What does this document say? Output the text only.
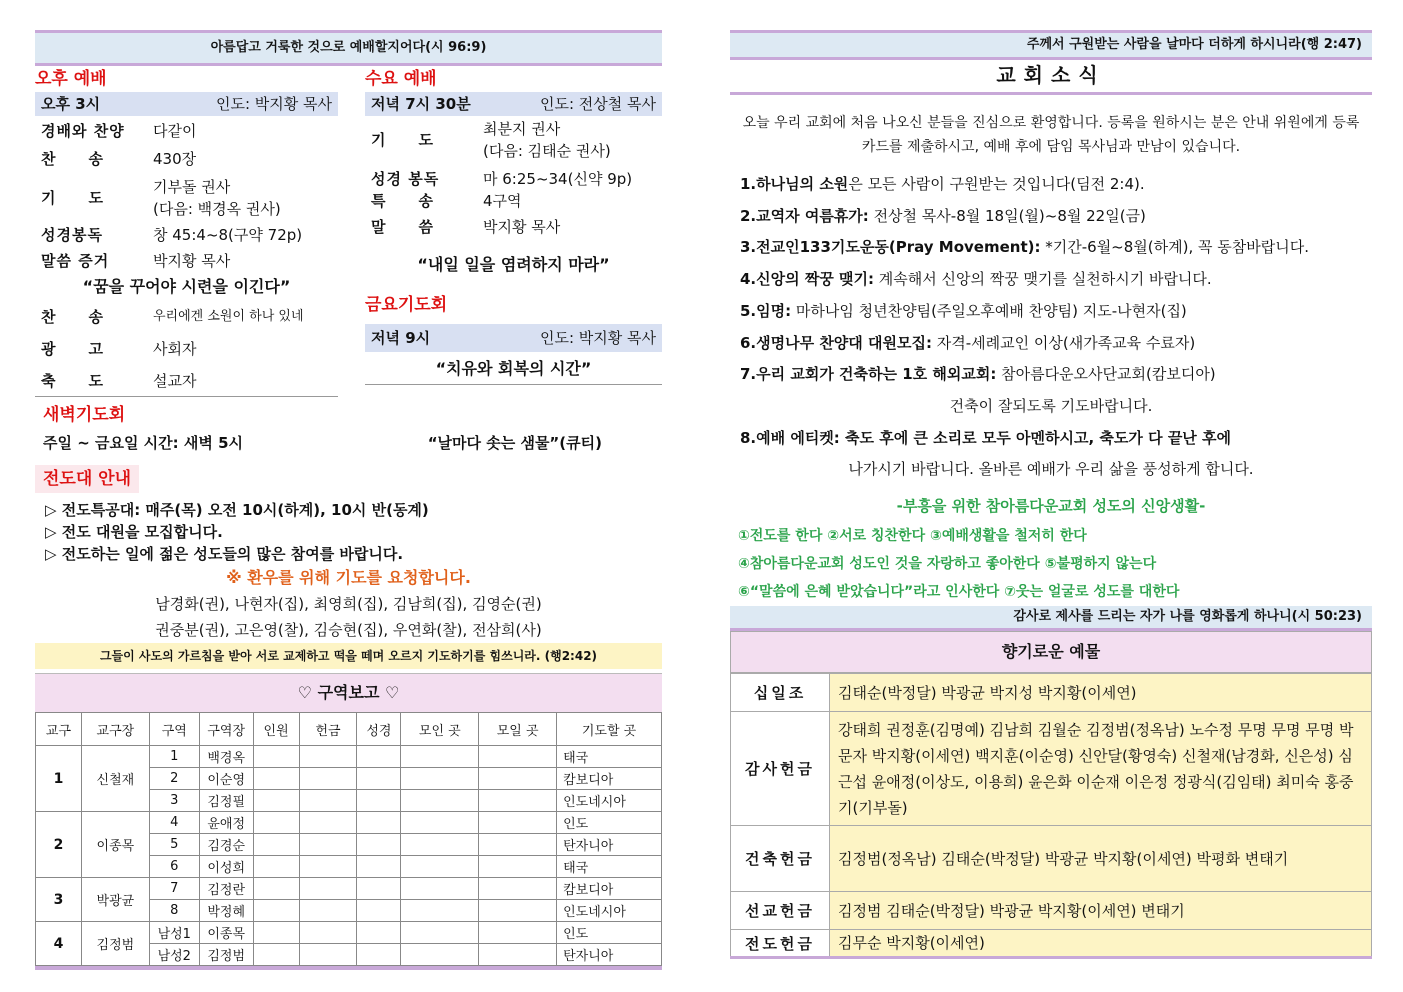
아름답고 거룩한 것으로 예배할지어다(시 96:9)
오후 예배
오후 3시	인도: 박지황 목사
경배와 찬양	다같이
찬　　송	430장
기　　도
기부돌 권사
(다음: 백경옥 권사)
성경봉독	창 45:4~8(구약 72p)
말씀 증거	박지황 목사
“꿈을 꾸어야 시련을 이긴다”
찬　　송	우리에겐 소원이 하나 있네
광　　고	사회자
축　　도	설교자
수요 예배
저녁 7시 30분	인도: 전상철 목사
기　　도
최분지 권사
(다음: 김태순 권사)
성경 봉독	마 6:25~34(신약 9p)
특　　송	4구역
말　　씀	박지황 목사
“내일 일을 염려하지 마라”
금요기도회
저녁 9시	인도: 박지황 목사
“치유와 회복의 시간”
새벽기도회
주일 ~ 금요일 시간: 새벽 5시	“날마다 솟는 샘물”(큐티)
전도대 안내
▷ 전도특공대: 매주(목) 오전 10시(하계), 10시 반(동계)
▷ 전도 대원을 모집합니다.
▷ 전도하는 일에 젊은 성도들의 많은 참여를 바랍니다.
※ 환우를 위해 기도를 요청합니다.
남경화(권), 나현자(집), 최영희(집), 김남희(집), 김영순(권)
권중분(권), 고은영(찰), 김승현(집), 우연화(찰), 전삼희(사)
그들이 사도의 가르침을 받아 서로 교제하고 떡을 떼며 오르지 기도하기를 힘쓰니라. (행2:42)
♡ 구역보고 ♡
교구	교구장	구역	구역장	인원	헌금	성경	모인 곳	모일 곳	기도할 곳
1	신철재	1	백경옥						태국
		2	이순영						캄보디아
		3	김정필						인도네시아
2	이종목	4	윤애정						인도
		5	김경순						탄자니아
		6	이성희						태국
3	박광균	7	김정란						캄보디아
		8	박정혜						인도네시아
4	김정범	남성1	이종목						인도
		남성2	김정범						탄자니아
주께서 구원받는 사람을 날마다 더하게 하시니라(행 2:47)
교회소식
오늘 우리 교회에 처음 나오신 분들을 진심으로 환영합니다. 등록을 원하시는 분은 안내 위원에게 등록카드를 제출하시고, 예배 후에 담임 목사님과 만남이 있습니다.
1.하나님의 소원은 모든 사람이 구원받는 것입니다(딤전 2:4).
2.교역자 여름휴가: 전상철 목사-8월 18일(월)~8월 22일(금)
3.전교인133기도운동(Pray Movement): *기간-6월~8월(하계), 꼭 동참바랍니다.
4.신앙의 짝꿍 맺기: 계속해서 신앙의 짝꿍 맺기를 실천하시기 바랍니다.
5.임명: 마하나임 청년찬양팀(주일오후예배 찬양팀) 지도-나현자(집)
6.생명나무 찬양대 대원모집: 자격-세례교인 이상(새가족교육 수료자)
7.우리 교회가 건축하는 1호 해외교회: 참아름다운오사단교회(캄보디아)
건축이 잘되도록 기도바랍니다.
8.예배 에티켓: 축도 후에 큰 소리로 모두 아멘하시고, 축도가 다 끝난 후에
나가시기 바랍니다. 올바른 예배가 우리 삶을 풍성하게 합니다.
-부흥을 위한 참아름다운교회 성도의 신앙생활-
①전도를 한다 ②서로 칭찬한다 ③예배생활을 철저히 한다
④참아름다운교회 성도인 것을 자랑하고 좋아한다 ⑤불평하지 않는다
⑥“말씀에 은혜 받았습니다”라고 인사한다 ⑦웃는 얼굴로 성도를 대한다
감사로 제사를 드리는 자가 나를 영화롭게 하나니(시 50:23)
향기로운 예물
십일조	김태순(박정달) 박광균 박지성 박지황(이세연)
감사헌금	강태희 권정훈(김명예) 김남희 김월순 김정범(정옥남) 노수정 무명 무명 무명 박문자 박지황(이세연) 백지훈(이순영) 신안달(황영숙) 신철재(남경화, 신은성) 심근섭 윤애정(이상도, 이용희) 윤은화 이순재 이은정 정광식(김임태) 최미숙 홍중기(기부돌)
건축헌금	김정범(정옥남) 김태순(박정달) 박광균 박지황(이세연) 박평화 변태기
선교헌금	김정범 김태순(박정달) 박광균 박지황(이세연) 변태기
전도헌금	김무순 박지황(이세연)
